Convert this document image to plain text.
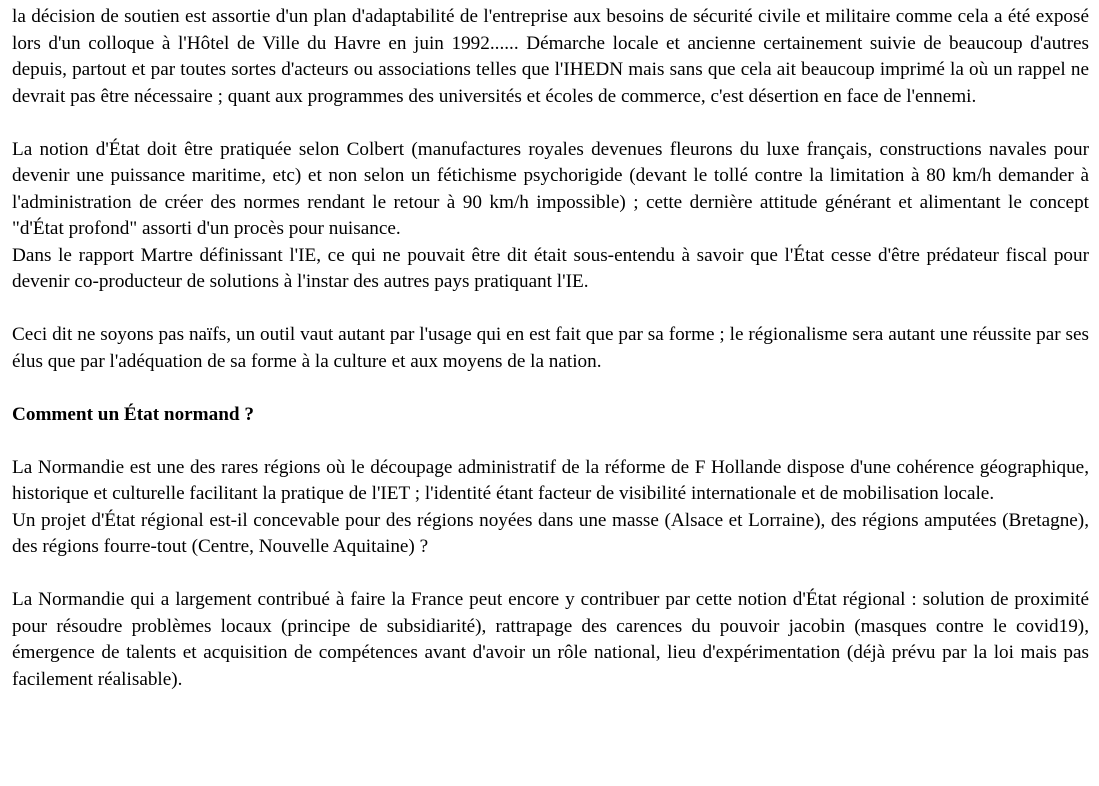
la décision de soutien est assortie d'un plan d'adaptabilité de l'entreprise aux besoins de sécurité civile et militaire comme cela a été exposé lors d'un colloque à l'Hôtel de Ville du Havre en juin 1992...... Démarche locale et ancienne certainement suivie de beaucoup d'autres depuis, partout et par toutes sortes d'acteurs ou associations telles que l'IHEDN mais sans que cela ait beaucoup imprimé la où un rappel ne devrait pas être nécessaire ; quant aux programmes des universités et écoles de commerce, c'est désertion en face de l'ennemi.

La notion d'État doit être pratiquée selon Colbert (manufactures royales devenues fleurons du luxe français, constructions navales pour devenir une puissance maritime, etc) et non selon un fétichisme psychorigide (devant le tollé contre la limitation à 80 km/h demander à l'administration de créer des normes rendant le retour à 90 km/h impossible) ; cette dernière attitude générant et alimentant le concept "d'État profond" assorti d'un procès pour nuisance.

Dans le rapport Martre définissant l'IE, ce qui ne pouvait être dit était sous-entendu à savoir que l'État cesse d'être prédateur fiscal pour devenir co-producteur de solutions à l'instar des autres pays pratiquant l'IE.

Ceci dit ne soyons pas naïfs, un outil vaut autant par l'usage qui en est fait que par sa forme ; le régionalisme sera autant une réussite par ses élus que par l'adéquation de sa forme à la culture et aux moyens de la nation.

Comment un État normand ?

La Normandie est une des rares régions où le découpage administratif de la réforme de F Hollande dispose d'une cohérence géographique, historique et culturelle facilitant la pratique de l'IET ; l'identité étant facteur de visibilité internationale et de mobilisation locale.

Un projet d'État régional est-il concevable pour des régions noyées dans une masse (Alsace et Lorraine), des régions amputées (Bretagne), des régions fourre-tout (Centre, Nouvelle Aquitaine) ?

La Normandie qui a largement contribué à faire la France peut encore y contribuer par cette notion d'État régional : solution de proximité pour résoudre problèmes locaux (principe de subsidiarité), rattrapage des carences du pouvoir jacobin (masques contre le covid19), émergence de talents et acquisition de compétences avant d'avoir un rôle national, lieu d'expérimentation (déjà prévu par la loi mais pas facilement réalisable).
